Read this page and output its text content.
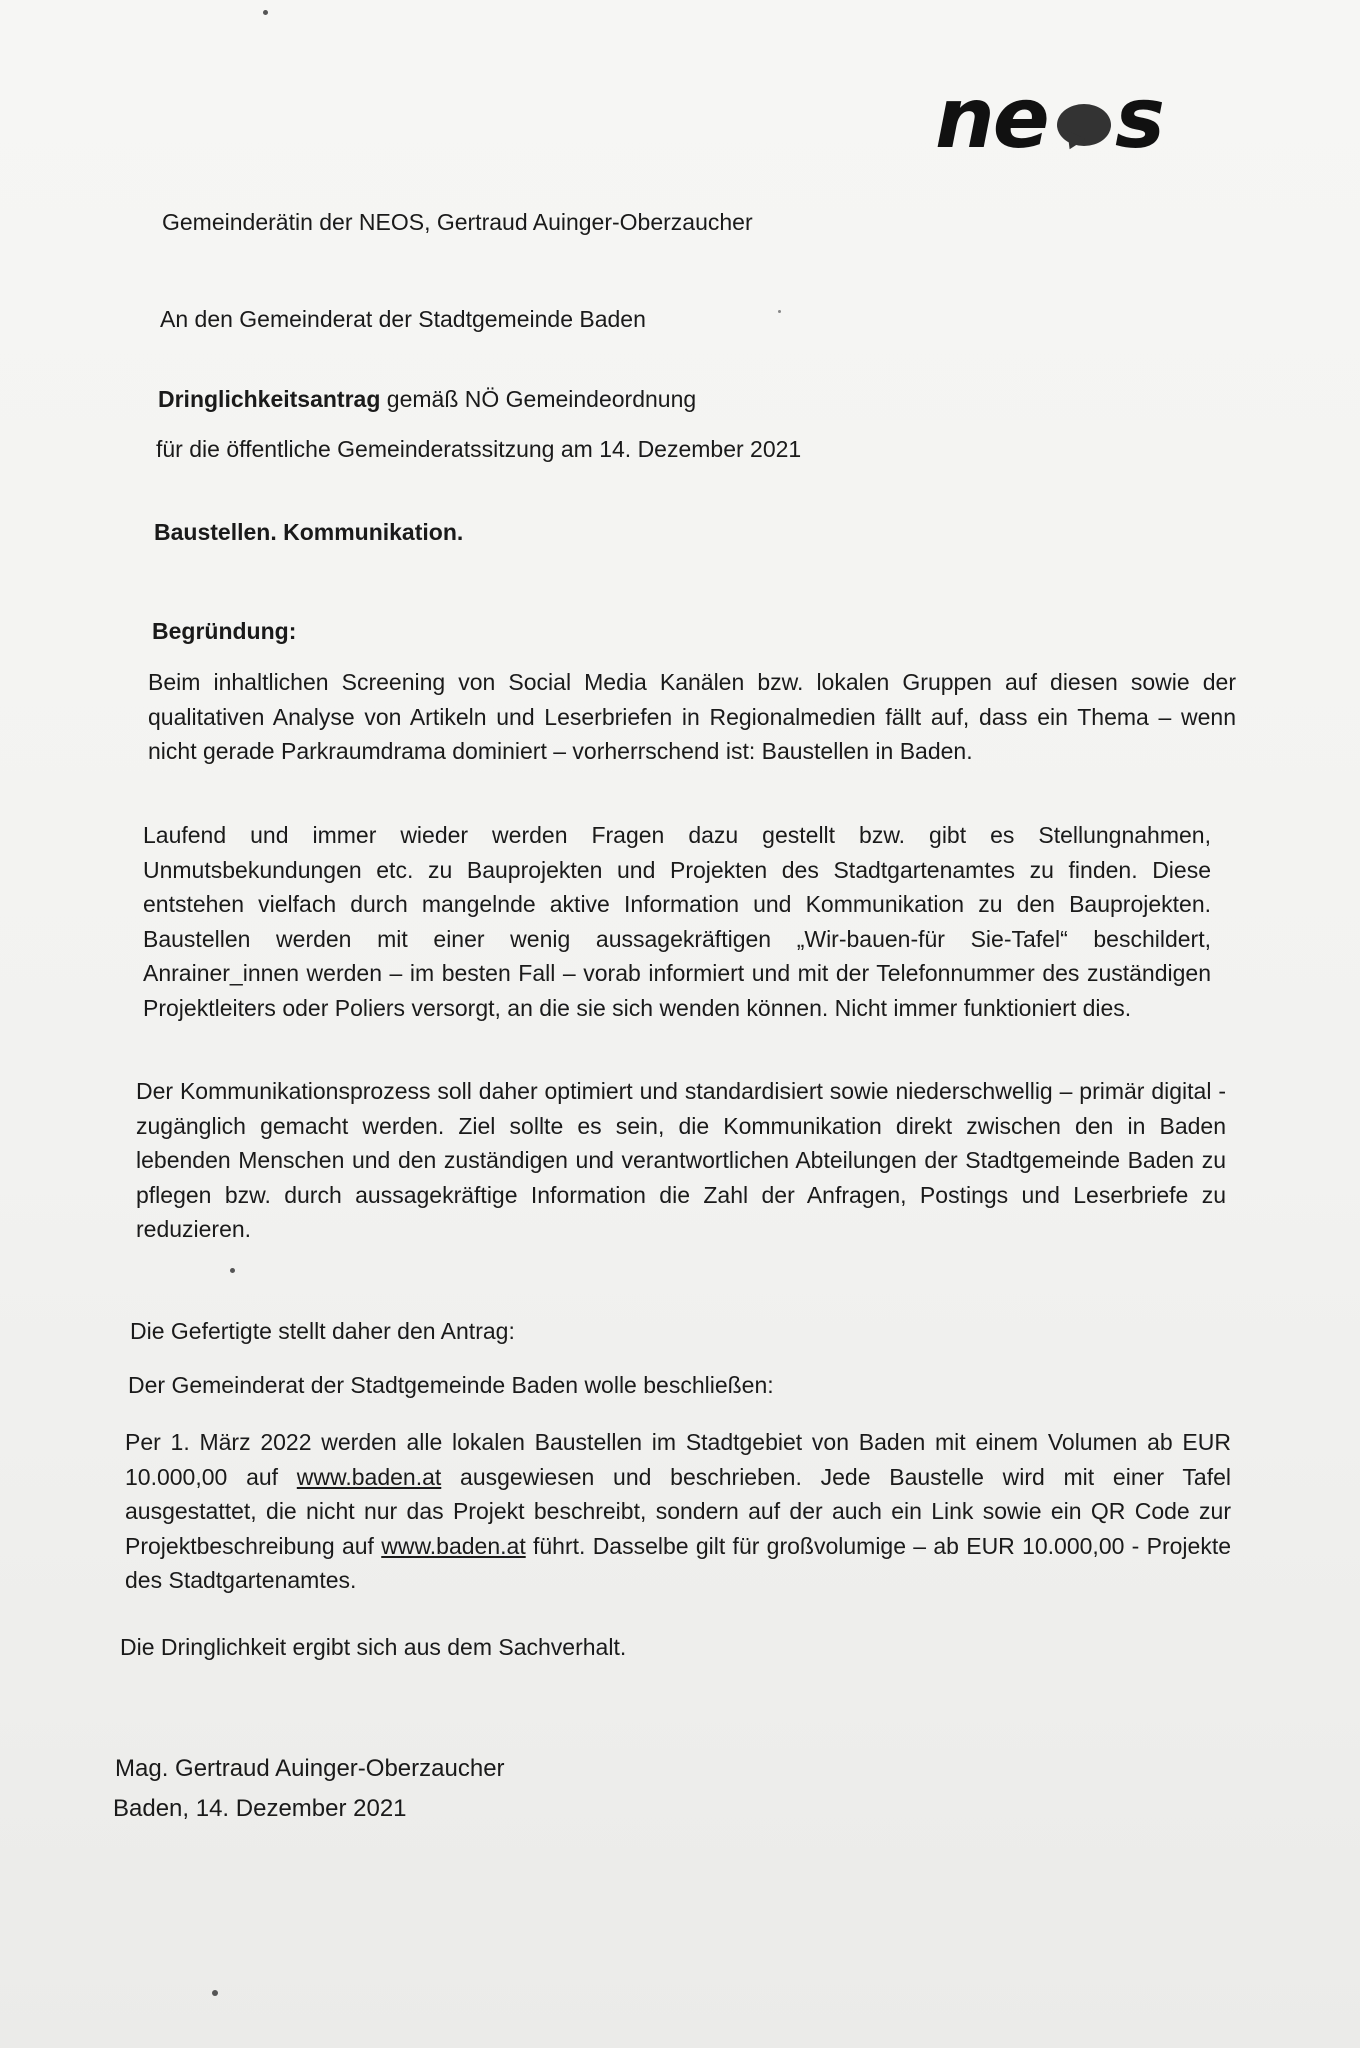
ne s
Gemeinderätin der NEOS, Gertraud Auinger-Oberzaucher
An den Gemeinderat der Stadtgemeinde Baden
Dringlichkeitsantrag gemäß NÖ Gemeindeordnung
für die öffentliche Gemeinderatssitzung am 14. Dezember 2021
Baustellen. Kommunikation.
Begründung:
Beim inhaltlichen Screening von Social Media Kanälen bzw. lokalen Gruppen auf diesen sowie der qualitativen Analyse von Artikeln und Leserbriefen in Regionalmedien fällt auf, dass ein Thema – wenn nicht gerade Parkraumdrama dominiert – vorherrschend ist: Baustellen in Baden.
Laufend und immer wieder werden Fragen dazu gestellt bzw. gibt es Stellungnahmen, Unmutsbekundungen etc. zu Bauprojekten und Projekten des Stadtgartenamtes zu finden. Diese entstehen vielfach durch mangelnde aktive Information und Kommunikation zu den Bauprojekten. Baustellen werden mit einer wenig aussagekräftigen „Wir-bauen-für Sie-Tafel“ beschildert, Anrainer_innen werden – im besten Fall – vorab informiert und mit der Telefonnummer des zuständigen Projektleiters oder Poliers versorgt, an die sie sich wenden können. Nicht immer funktioniert dies.
Der Kommunikationsprozess soll daher optimiert und standardisiert sowie niederschwellig – primär digital - zugänglich gemacht werden. Ziel sollte es sein, die Kommunikation direkt zwischen den in Baden lebenden Menschen und den zuständigen und verantwortlichen Abteilungen der Stadtgemeinde Baden zu pflegen bzw. durch aussagekräftige Information die Zahl der Anfragen, Postings und Leserbriefe zu reduzieren.
Die Gefertigte stellt daher den Antrag:
Der Gemeinderat der Stadtgemeinde Baden wolle beschließen:
Per 1. März 2022 werden alle lokalen Baustellen im Stadtgebiet von Baden mit einem Volumen ab EUR 10.000,00 auf www.baden.at ausgewiesen und beschrieben. Jede Baustelle wird mit einer Tafel ausgestattet, die nicht nur das Projekt beschreibt, sondern auf der auch ein Link sowie ein QR Code zur Projektbeschreibung auf www.baden.at führt. Dasselbe gilt für großvolumige – ab EUR 10.000,00 - Projekte des Stadtgartenamtes.
Die Dringlichkeit ergibt sich aus dem Sachverhalt.
Mag. Gertraud Auinger-Oberzaucher
Baden, 14. Dezember 2021
